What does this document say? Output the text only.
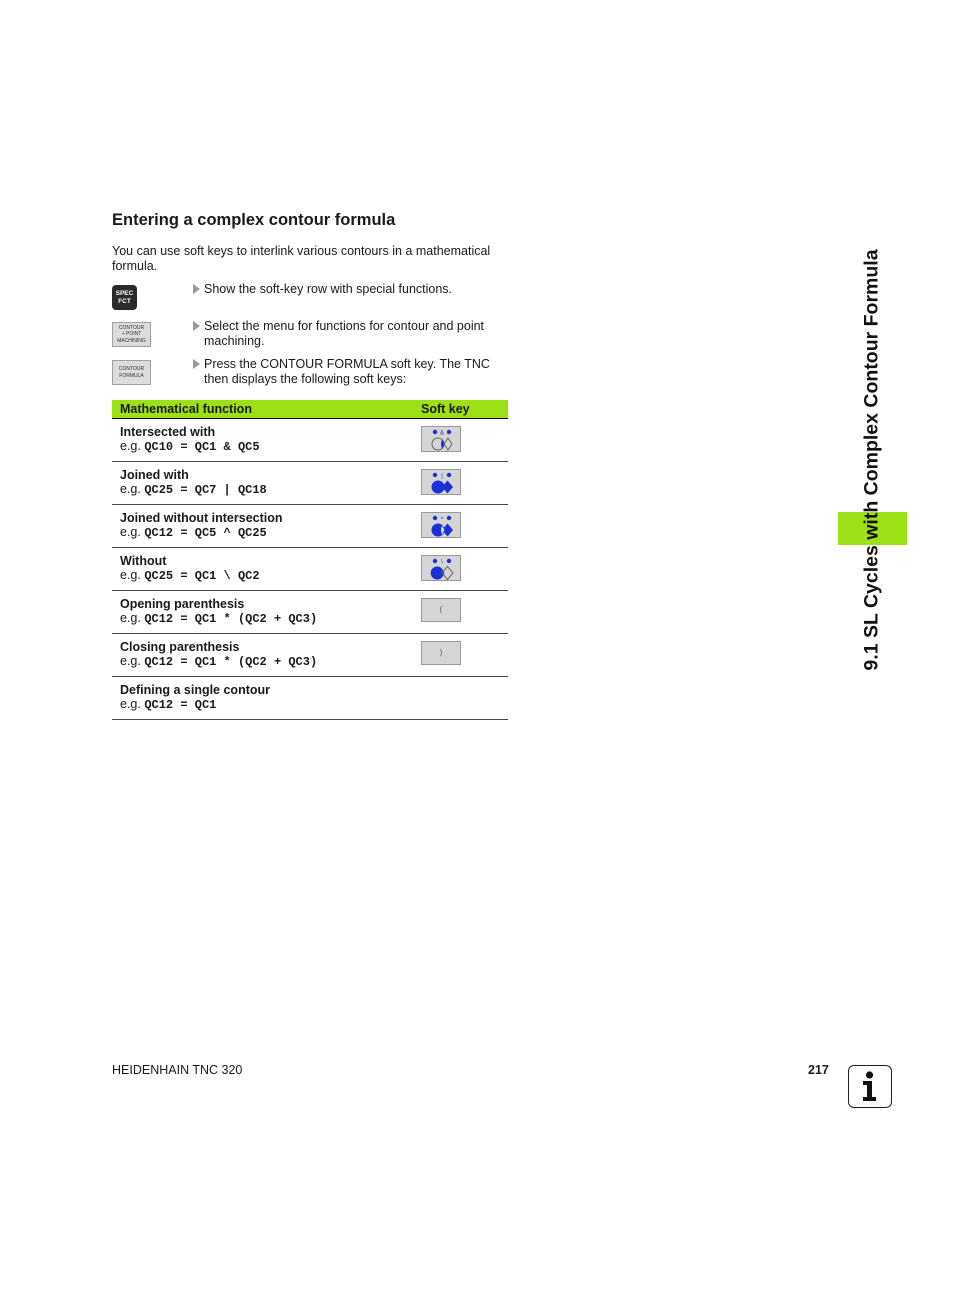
Entering a complex contour formula

You can use soft keys to interlink various contours in a mathematical formula.

SPEC
FCT
Show the soft-key row with special functions.
CONTOUR
+ POINT
MACHINING
Select the menu for functions for contour and point machining.
CONTOUR
FORMULA
Press the CONTOUR FORMULA soft key. The TNC then displays the following soft keys:
Mathematical function	Soft key

Intersected with
e.g. QC10 = QC1 & QC5	&

Joined with
e.g. QC25 = QC7 | QC18	|

Joined without intersection
e.g. QC12 = QC5 ^ QC25	^

Without
e.g. QC25 = QC1 \ QC2	\

Opening parenthesis
e.g. QC12 = QC1 * (QC2 + QC3)	(

Closing parenthesis
e.g. QC12 = QC1 * (QC2 + QC3)	)

Defining a single contour
e.g. QC12 = QC1	
9.1 SL Cycles with Complex Contour Formula
HEIDENHAIN TNC 320	217
